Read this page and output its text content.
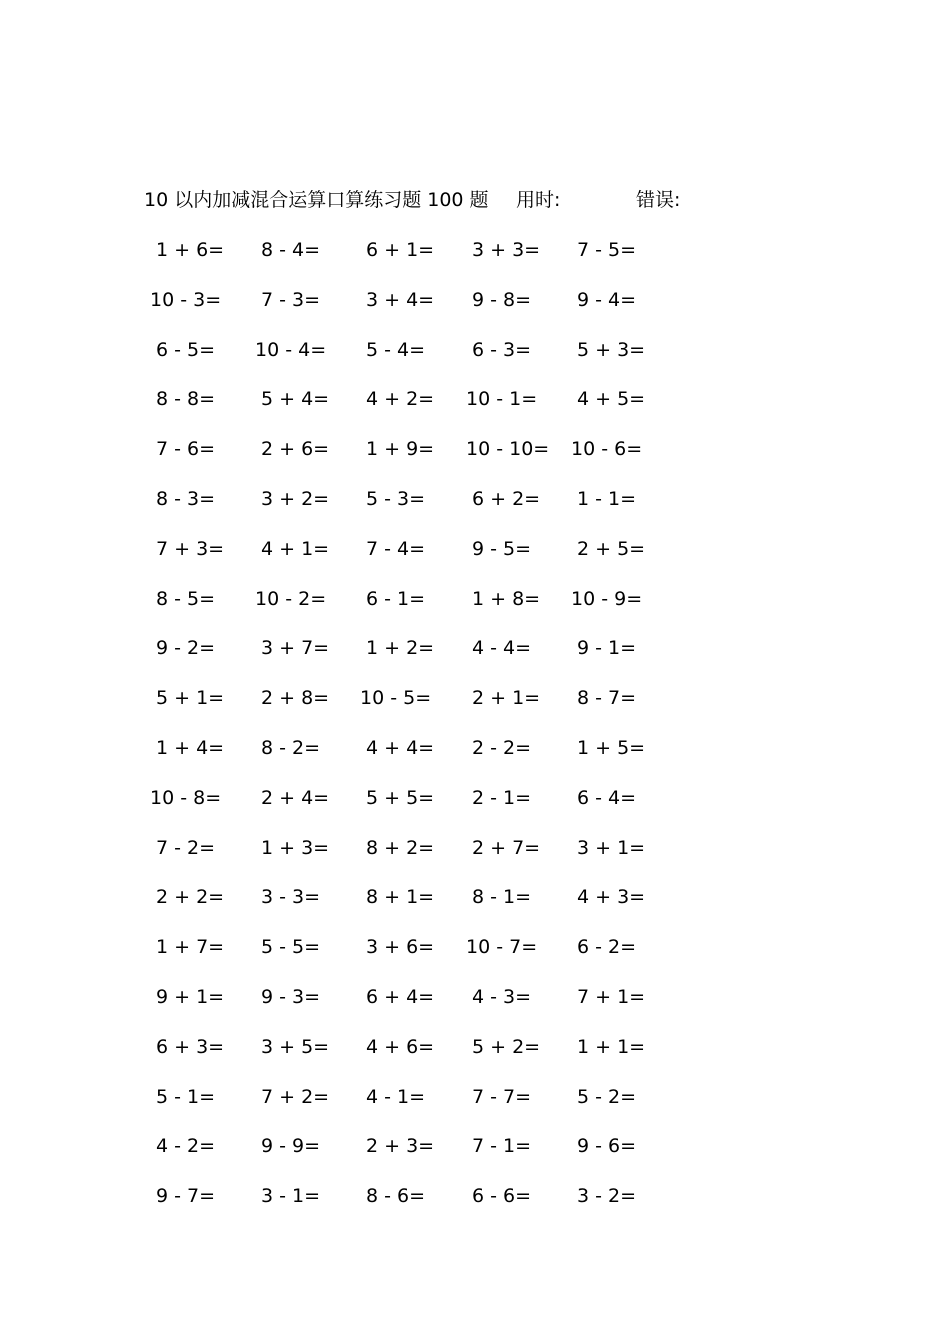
10 以内加减混合运算口算练习题 100 题 用时:	错误:
1 + 6= 8 - 4= 6 + 1= 3 + 3= 7 - 5=
10 - 3= 7 - 3= 3 + 4= 9 - 8= 9 - 4=
6 - 5= 10 - 4= 5 - 4= 6 - 3= 5 + 3=
8 - 8= 5 + 4= 4 + 2= 10 - 1= 4 + 5=
7 - 6= 2 + 6= 1 + 9= 10 - 10= 10 - 6=
8 - 3= 3 + 2= 5 - 3= 6 + 2= 1 - 1=
7 + 3= 4 + 1= 7 - 4= 9 - 5= 2 + 5=
8 - 5= 10 - 2= 6 - 1= 1 + 8= 10 - 9=
9 - 2= 3 + 7= 1 + 2= 4 - 4= 9 - 1=
5 + 1= 2 + 8= 10 - 5= 2 + 1= 8 - 7=
1 + 4= 8 - 2= 4 + 4= 2 - 2= 1 + 5=
10 - 8= 2 + 4= 5 + 5= 2 - 1= 6 - 4=
7 - 2= 1 + 3= 8 + 2= 2 + 7= 3 + 1=
2 + 2= 3 - 3= 8 + 1= 8 - 1= 4 + 3=
1 + 7= 5 - 5= 3 + 6= 10 - 7= 6 - 2=
9 + 1= 9 - 3= 6 + 4= 4 - 3= 7 + 1=
6 + 3= 3 + 5= 4 + 6= 5 + 2= 1 + 1=
5 - 1= 7 + 2= 4 - 1= 7 - 7= 5 - 2=
4 - 2= 9 - 9= 2 + 3= 7 - 1= 9 - 6=
9 - 7= 3 - 1= 8 - 6= 6 - 6= 3 - 2=
